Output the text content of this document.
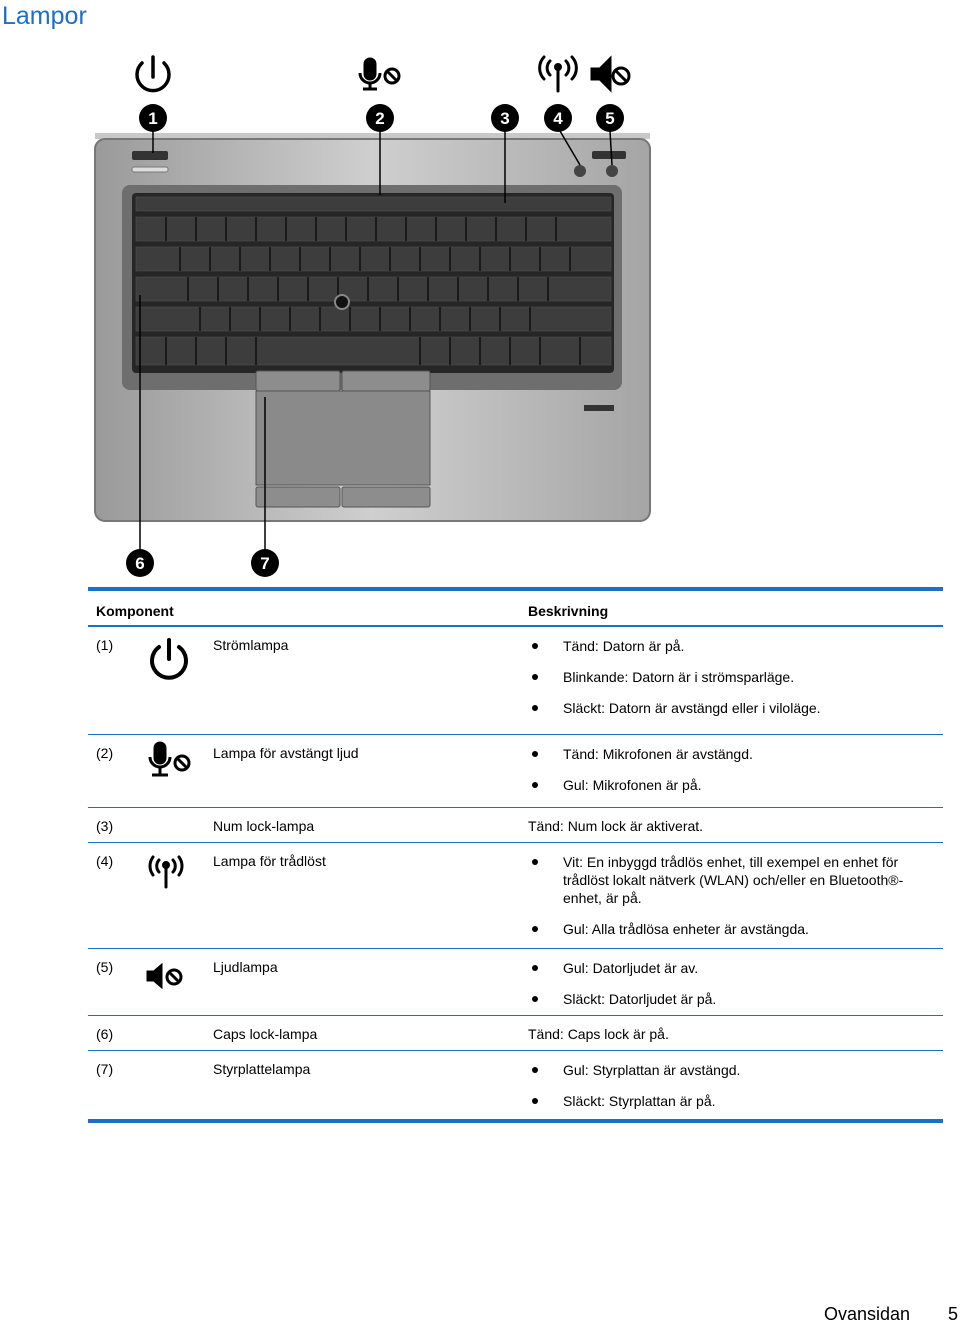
Lampor
1	2	3	4	5
6	7
Komponent	Beskrivning
(1)	Strömlampa	Tänd: Datorn är på.
Blinkande: Datorn är i strömsparläge.
Släckt: Datorn är avstängd eller i viloläge.
(2)	Lampa för avstängt ljud	Tänd: Mikrofonen är avstängd.
Gul: Mikrofonen är på.
(3)	Num lock-lampa	Tänd: Num lock är aktiverat.
(4)	Lampa för trådlöst	Vit: En inbyggd trådlös enhet, till exempel en enhet för trådlöst lokalt nätverk (WLAN) och/eller en Bluetooth®-enhet, är på.
Gul: Alla trådlösa enheter är avstängda.
(5)	Ljudlampa	Gul: Datorljudet är av.
Släckt: Datorljudet är på.
(6)	Caps lock-lampa	Tänd: Caps lock är på.
(7)	Styrplattelampa	Gul: Styrplattan är avstängd.
Släckt: Styrplattan är på.
Ovansidan 5
